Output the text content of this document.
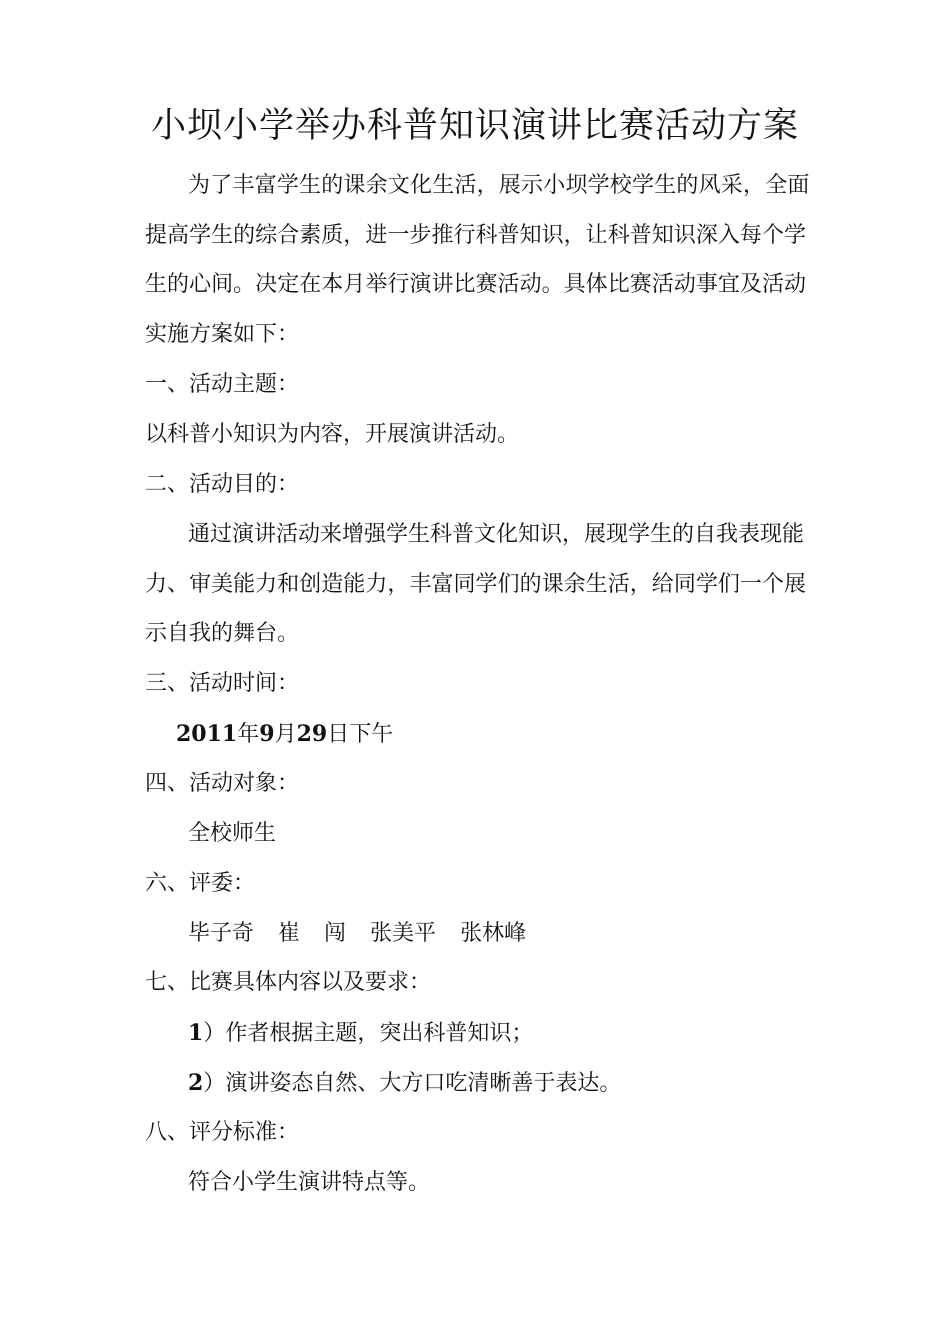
小坝小学举办科普知识演讲比赛活动方案
为了丰富学生的课余文化生活，展示小坝学校学生的风采，全面
提高学生的综合素质，进一步推行科普知识，让科普知识深入每个学
生的心间。决定在本月举行演讲比赛活动。具体比赛活动事宜及活动
实施方案如下：
一、活动主题：
以科普小知识为内容，开展演讲活动。
二、活动目的：
通过演讲活动来增强学生科普文化知识，展现学生的自我表现能
力、审美能力和创造能力，丰富同学们的课余生活，给同学们一个展
示自我的舞台。
三、活动时间：
2011年9月29日下午
四、活动对象：
全校师生
六、评委：
毕子奇 崔 闯 张美平 张林峰
七、比赛具体内容以及要求：
1）作者根据主题，突出科普知识；
2）演讲姿态自然、大方口吃清晰善于表达。
八、评分标准：
符合小学生演讲特点等。
